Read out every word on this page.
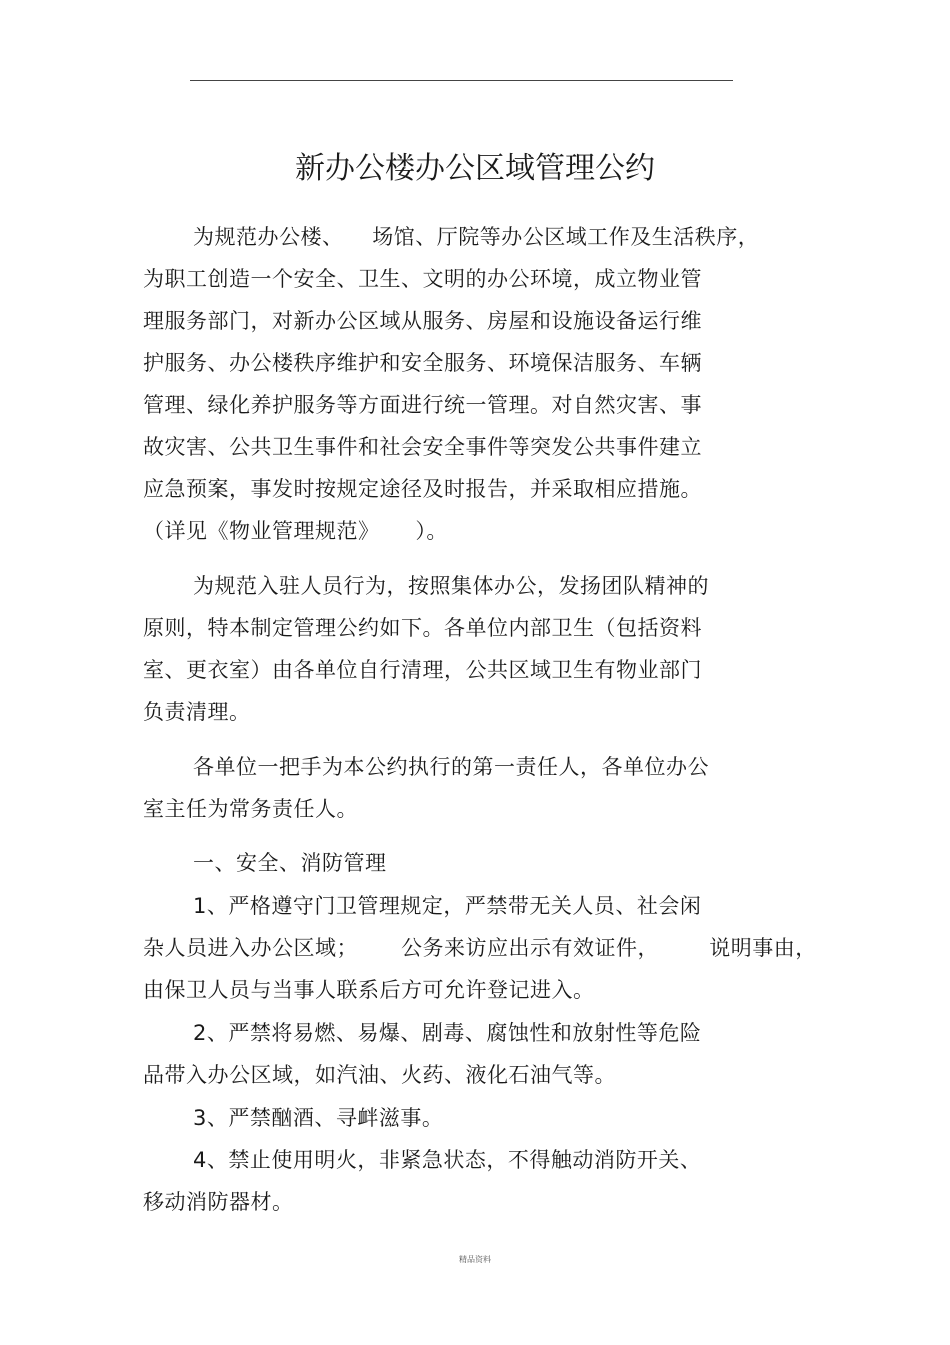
新办公楼办公区域管理公约
为规范办公楼、    场馆、厅院等办公区域工作及生活秩序，
为职工创造一个安全、卫生、文明的办公环境，成立物业管
理服务部门，对新办公区域从服务、房屋和设施设备运行维
护服务、办公楼秩序维护和安全服务、环境保洁服务、车辆
管理、绿化养护服务等方面进行统一管理。对自然灾害、事
故灾害、公共卫生事件和社会安全事件等突发公共事件建立
应急预案，事发时按规定途径及时报告，并采取相应措施。
（详见《物业管理规范》     ）。
为规范入驻人员行为，按照集体办公，发扬团队精神的
原则，特本制定管理公约如下。各单位内部卫生（包括资料
室、更衣室）由各单位自行清理，公共区域卫生有物业部门
负责清理。
各单位一把手为本公约执行的第一责任人，各单位办公
室主任为常务责任人。
一、安全、消防管理
1、严格遵守门卫管理规定，严禁带无关人员、社会闲
杂人员进入办公区域；      公务来访应出示有效证件，       说明事由，
由保卫人员与当事人联系后方可允许登记进入。
2、严禁将易燃、易爆、剧毒、腐蚀性和放射性等危险
品带入办公区域，如汽油、火药、液化石油气等。
3、严禁酗酒、寻衅滋事。
4、禁止使用明火，非紧急状态，不得触动消防开关、
移动消防器材。
精品资料
